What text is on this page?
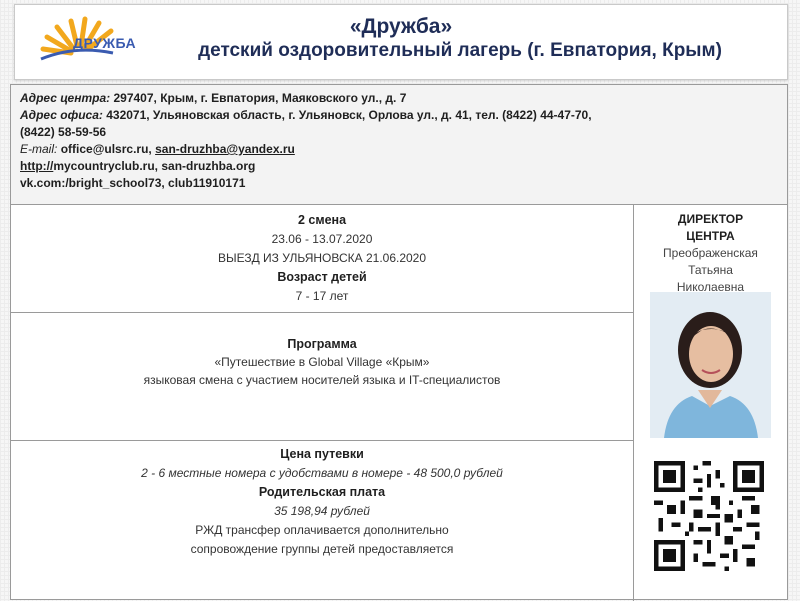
ДРУЖБА
«Дружба»
детский оздоровительный лагерь (г. Евпатория, Крым)
Адрес центра: 297407, Крым, г. Евпатория, Маяковского ул., д. 7
Адрес офиса: 432071, Ульяновская область, г. Ульяновск, Орлова ул., д. 41, тел. (8422) 44-47-70,
(8422) 58-59-56
E-mail: office@ulsrc.ru, san-druzhba@yandex.ru
http://mycountryclub.ru, san-druzhba.org
vk.com:/bright_school73, club11910171
2 смена
23.06 - 13.07.2020
ВЫЕЗД ИЗ УЛЬЯНОВСКА 21.06.2020
Возраст детей
7 - 17 лет
Программа
«Путешествие в Global Village «Крым»
языковая смена с участием носителей языка и IT-специалистов
Цена путевки
2 - 6 местные номера с удобствами в номере - 48 500,0 рублей
Родительская плата
35 198,94 рублей
РЖД трансфер оплачивается дополнительно
сопровождение группы детей предоставляется
ДИРЕКТОР
ЦЕНТРА
Преображенская
Татьяна
Николаевна
